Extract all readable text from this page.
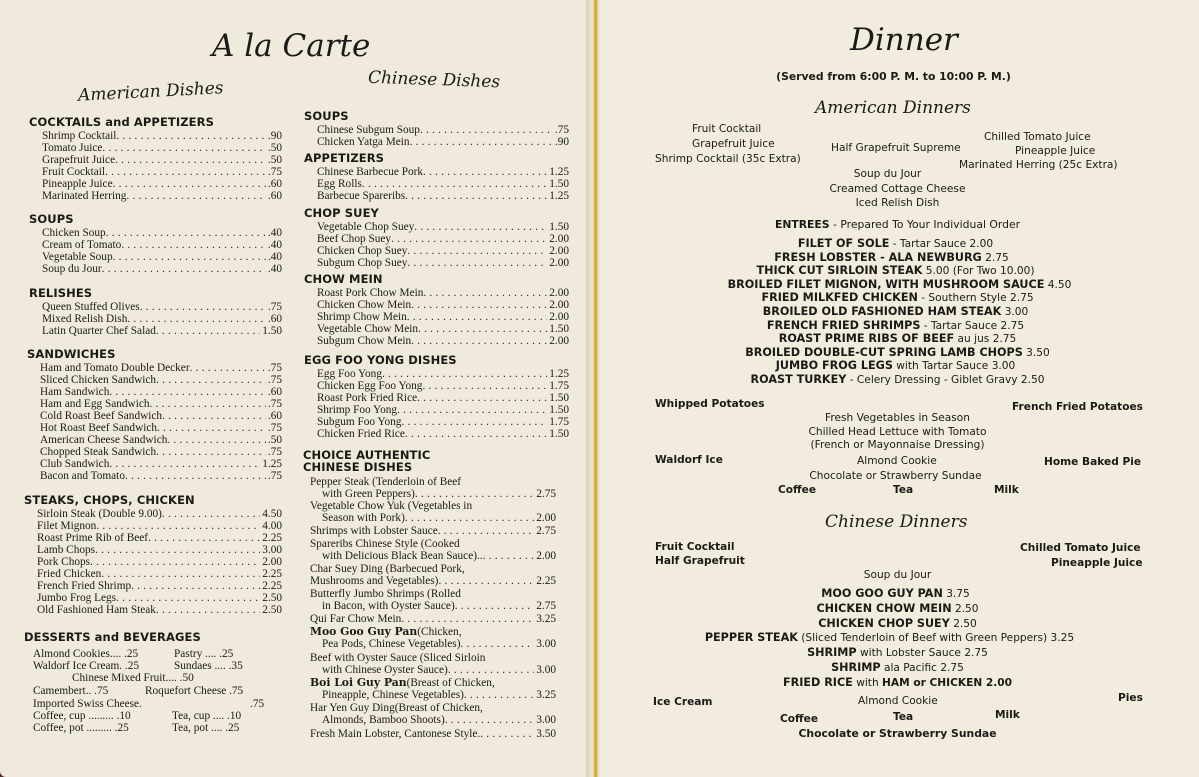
A la Carte
American Dishes	Chinese Dishes
COCKTAILS and APPETIZERS
Shrimp Cocktail . . .	.90
Tomato Juice . . .	.50
Grapefruit Juice . . .	.50
Fruit Cocktail . . .	.75
Pineapple Juice . . .	.60
Marinated Herring . . .	.60
SOUPS
Chicken Soup . . .	.40
Cream of Tomato . . .	.40
Vegetable Soup . . .	.40
Soup du Jour . . .	.40
RELISHES
Queen Stuffed Olives . . .	.75
Mixed Relish Dish . . .	.60
Latin Quarter Chef Salad . . .	1.50
SANDWICHES
Ham and Tomato Double Decker . . .	.75
Sliced Chicken Sandwich . . .	.75
Ham Sandwich . . .	.60
Ham and Egg Sandwich . . .	.75
Cold Roast Beef Sandwich . . .	.60
Hot Roast Beef Sandwich . . .	.75
American Cheese Sandwich . . .	.50
Chopped Steak Sandwich . . .	.75
Club Sandwich . . .	1.25
Bacon and Tomato . . .	.75
STEAKS, CHOPS, CHICKEN
Sirloin Steak (Double 9.00) . . .	4.50
Filet Mignon . . .	4.00
Roast Prime Rib of Beef . . .	2.25
Lamb Chops . . .	3.00
Pork Chops . . .	2.00
Fried Chicken . . .	2.25
French Fried Shrimp . . .	2.25
Jumbo Frog Legs . . .	2.50
Old Fashioned Ham Steak . . .	2.50
SOUPS
Chinese Subgum Soup . . .	.75
Chicken Yatga Mein . . .	.90
APPETIZERS
Chinese Barbecue Pork . . .	1.25
Egg Rolls . . .	1.50
Barbecue Spareribs . . .	1.25
CHOP SUEY
Vegetable Chop Suey . . .	1.50
Beef Chop Suey . . .	2.00
Chicken Chop Suey . . .	2.00
Subgum Chop Suey . . .	2.00
CHOW MEIN
Roast Pork Chow Mein . . .	2.00
Chicken Chow Mein . . .	2.00
Shrimp Chow Mein . . .	2.00
Vegetable Chow Mein . . .	1.50
Subgum Chow Mein . . .	2.00
EGG FOO YONG DISHES
Egg Foo Yong . . .	1.25
Chicken Egg Foo Yong . . .	1.75
Roast Pork Fried Rice . . .	1.50
Shrimp Foo Yong . . .	1.50
Subgum Foo Yong . . .	1.75
Chicken Fried Rice . . .	1.50
DESSERTS and BEVERAGES
Almond Cookies.... .25	Pastry .... .25
Waldorf Ice Cream. .25	Sundaes .... .35
Chinese Mixed Fruit.... .50
Camembert.. .75	Roquefort Cheese .75
Imported Swiss Cheese.	.75
Coffee, cup ......... .10	Tea, cup .... .10
Coffee, pot ......... .25	Tea, pot .... .25
CHOICE AUTHENTIC
CHINESE DISHES
Pepper Steak (Tenderloin of Beef
with Green Peppers) . . .	2.75
Vegetable Chow Yuk (Vegetables in
Season with Pork) . . .	2.00
Shrimps with Lobster Sauce . . .	2.75
Spareribs Chinese Style (Cooked
with Delicious Black Bean Sauce).. . . .	2.00
Char Suey Ding (Barbecued Pork,
Mushrooms and Vegetables) . . .	2.25
Butterfly Jumbo Shrimps (Rolled
in Bacon, with Oyster Sauce) . . .	2.75
Qui Far Chow Mein . . .	3.25
Moo Goo Guy Pan (Chicken,
Pea Pods, Chinese Vegetables) . . .	3.00
Beef with Oyster Sauce (Sliced Sirloin
with Chinese Oyster Sauce) . . .	3.00
Boi Loi Guy Pan (Breast of Chicken,
Pineapple, Chinese Vegetables) . . .	3.25
Har Yen Guy Ding(Breast of Chicken,
Almonds, Bamboo Shoots) . . .	3.00
Fresh Main Lobster, Cantonese Style. . . .	3.50
Dinner
(Served from 6:00 P. M. to 10:00 P. M.)
American Dinners
Fruit Cocktail
Grapefruit Juice
Shrimp Cocktail (35c Extra)
Half Grapefruit Supreme
Chilled Tomato Juice
Pineapple Juice
Marinated Herring (25c Extra)
Soup du Jour
Creamed Cottage Cheese
Iced Relish Dish
ENTREES - Prepared To Your Individual Order
FILET OF SOLE - Tartar Sauce 2.00
FRESH LOBSTER - ALA NEWBURG 2.75
THICK CUT SIRLOIN STEAK 5.00 (For Two 10.00)
BROILED FILET MIGNON, WITH MUSHROOM SAUCE 4.50
FRIED MILKFED CHICKEN - Southern Style 2.75
BROILED OLD FASHIONED HAM STEAK 3.00
FRENCH FRIED SHRIMPS - Tartar Sauce 2.75
ROAST PRIME RIBS OF BEEF au jus 2.75
BROILED DOUBLE-CUT SPRING LAMB CHOPS 3.50
JUMBO FROG LEGS with Tartar Sauce 3.00
ROAST TURKEY - Celery Dressing - Giblet Gravy 2.50
Whipped Potatoes	French Fried Potatoes
Fresh Vegetables in Season
Chilled Head Lettuce with Tomato
(French or Mayonnaise Dressing)
Waldorf Ice	Almond Cookie	Home Baked Pie
Chocolate or Strawberry Sundae
Coffee	Tea	Milk
Chinese Dinners
Fruit Cocktail
Half Grapefruit
Chilled Tomato Juice
Pineapple Juice
Soup du Jour
MOO GOO GUY PAN 3.75
CHICKEN CHOW MEIN 2.50
CHICKEN CHOP SUEY 2.50
PEPPER STEAK (Sliced Tenderloin of Beef with Green Peppers) 3.25
SHRIMP with Lobster Sauce 2.75
SHRIMP ala Pacific 2.75
FRIED RICE with HAM or CHICKEN 2.00
Ice Cream	Almond Cookie	Pies
Coffee	Tea	Milk
Chocolate or Strawberry Sundae
